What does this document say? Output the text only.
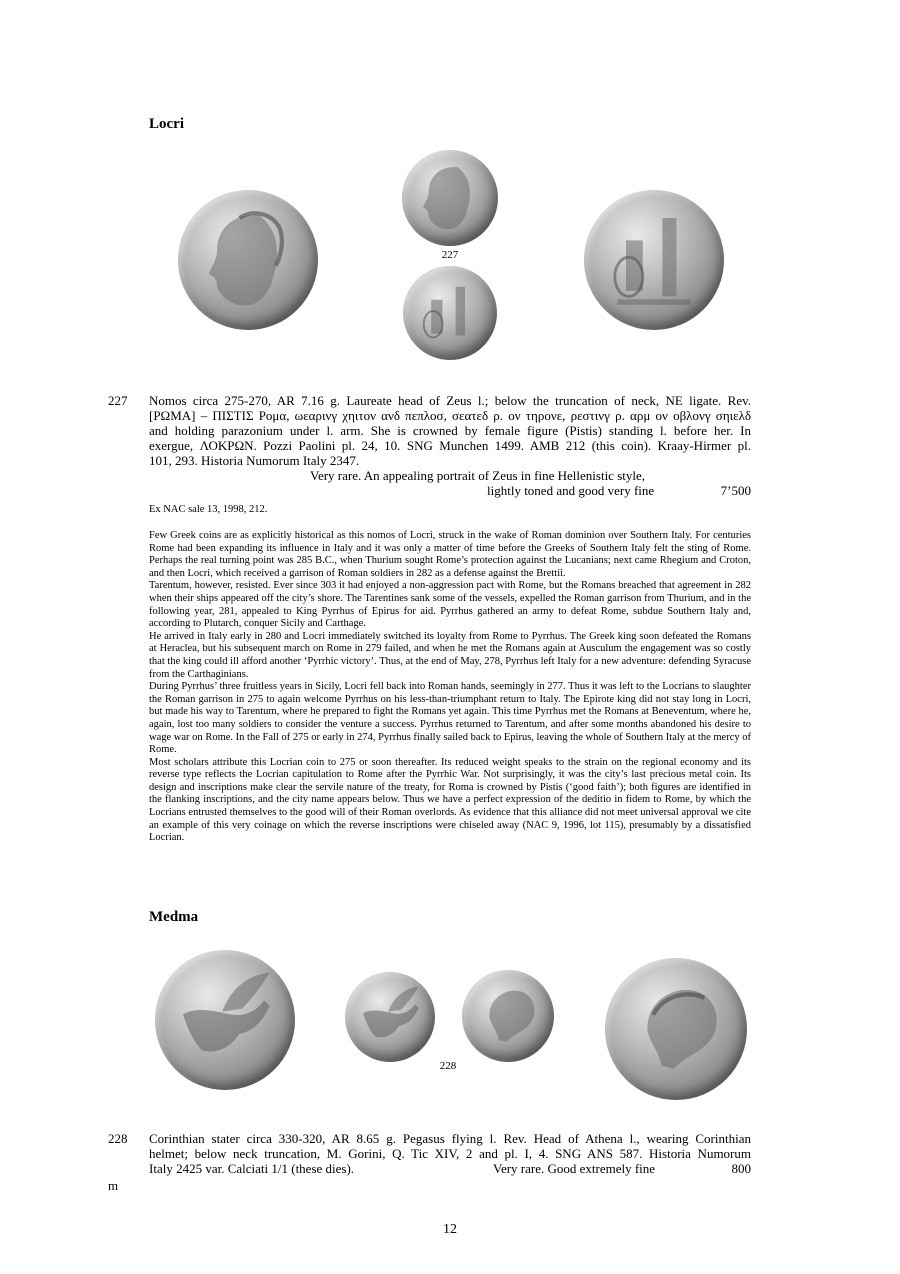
Locri
227
227 Nomos circa 275-270, AR 7.16 g. Laureate head of Zeus l.; below the truncation of neck, NE ligate. Rev.
[ΡΩΜΑ] – ΠΙΣΤΙΣ Ρομα, ωεαρινγ χηιτον ανδ πεπλοσ, σεατεδ ρ. ον τηρονε, ρεστινγ ρ. αρμ ον οβλονγ σηιελδ
and holding parazonium under l. arm. She is crowned by female figure (Pistis) standing l. before her. In
exergue, ΛΟΚΡΩΝ. Pozzi Paolini pl. 24, 10. SNG Munchen 1499. AMB 212 (this coin). Kraay-Hirmer pl.
101, 293. Historia Numorum Italy 2347.
Very rare. An appealing portrait of Zeus in fine Hellenistic style,
lightly toned and good very fine	7’500
Ex NAC sale 13, 1998, 212.

Few Greek coins are as explicitly historical as this nomos of Locri, struck in the wake of Roman dominion over Southern Italy. For centuries Rome had been expanding its influence in Italy and it was only a matter of time before the Greeks of Southern Italy felt the sting of Rome. Perhaps the real turning point was 285 B.C., when Thurium sought Rome’s protection against the Lucanians; next came Rhegium and Croton, and then Locri, which received a garrison of Roman soldiers in 282 as a defense against the Brettii.

Tarentum, however, resisted. Ever since 303 it had enjoyed a non-aggression pact with Rome, but the Romans breached that agreement in 282 when their ships appeared off the city’s shore. The Tarentines sank some of the vessels, expelled the Roman garrison from Thurium, and in the following year, 281, appealed to King Pyrrhus of Epirus for aid. Pyrrhus gathered an army to defeat Rome, subdue Southern Italy and, according to Plutarch, conquer Sicily and Carthage.

He arrived in Italy early in 280 and Locri immediately switched its loyalty from Rome to Pyrrhus. The Greek king soon defeated the Romans at Heraclea, but his subsequent march on Rome in 279 failed, and when he met the Romans again at Ausculum the engagement was so costly that the king could ill afford another ‘Pyrrhic victory’. Thus, at the end of May, 278, Pyrrhus left Italy for a new adventure: defending Syracuse from the Carthaginians.

During Pyrrhus’ three fruitless years in Sicily, Locri fell back into Roman hands, seemingly in 277. Thus it was left to the Locrians to slaughter the Roman garrison in 275 to again welcome Pyrrhus on his less-than-triumphant return to Italy. The Epirote king did not stay long in Locri, but made his way to Tarentum, where he prepared to fight the Romans yet again. This time Pyrrhus met the Romans at Beneventum, where he, again, lost too many soldiers to consider the venture a success. Pyrrhus returned to Tarentum, and after some months abandoned his desire to wage war on Rome. In the Fall of 275 or early in 274, Pyrrhus finally sailed back to Epirus, leaving the whole of Southern Italy at the mercy of Rome.

Most scholars attribute this Locrian coin to 275 or soon thereafter. Its reduced weight speaks to the strain on the regional economy and its reverse type reflects the Locrian capitulation to Rome after the Pyrrhic War. Not surprisingly, it was the city’s last precious metal coin. Its design and inscriptions make clear the servile nature of the treaty, for Roma is crowned by Pistis (‘good faith’); both figures are identified in the flanking inscriptions, and the city name appears below. Thus we have a perfect expression of the deditio in fidem to Rome, by which the Locrians entrusted themselves to the good will of their Roman overlords. As evidence that this alliance did not meet universal approval we cite an example of this very coinage on which the reverse inscriptions were chiseled away (NAC 9, 1996, lot 115), presumably by a dissatisfied Locrian.

Medma
228
228 Corinthian stater circa 330-320, AR 8.65 g. Pegasus flying l. Rev. Head of Athena l., wearing Corinthian
helmet; below neck truncation, M. Gorini, Q. Tic XIV, 2 and pl. I, 4. SNG ANS 587. Historia Numorum
Italy 2425 var. Calciati 1/1 (these dies).	Very rare. Good extremely fine	800
m
12
